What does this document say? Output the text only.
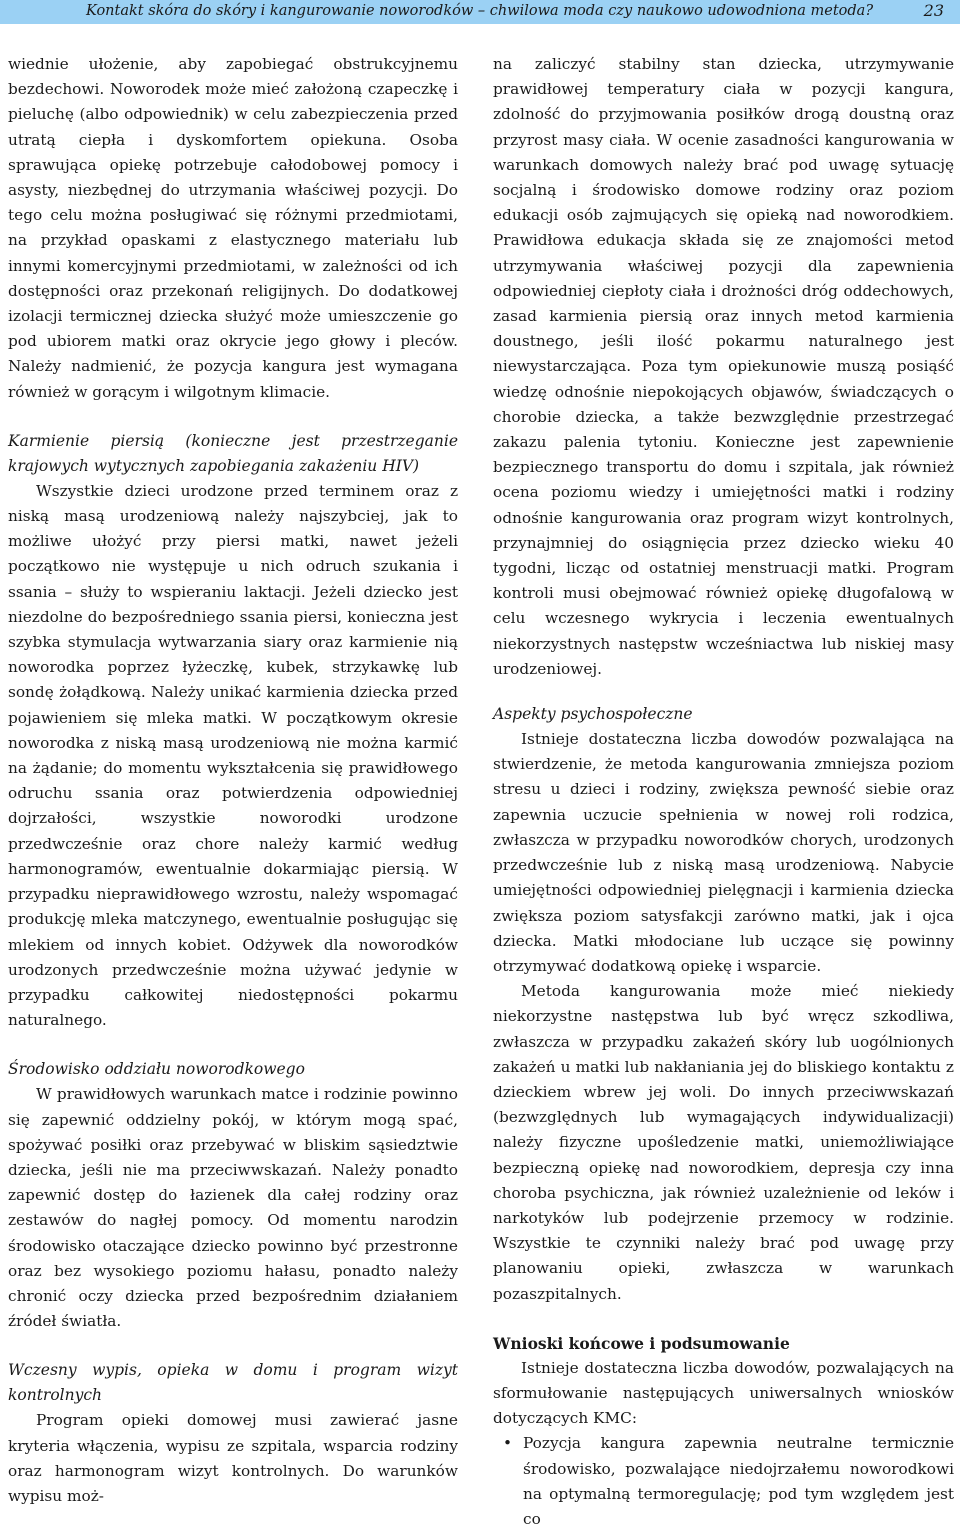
Kontakt skóra do skóry i kangurowanie noworodków – chwilowa moda czy naukowo udowodniona metoda?	23

wiednie ułożenie, aby zapobiegać obstrukcyjnemu bezdechowi. Noworodek może mieć założoną czapeczkę i pieluchę (albo odpowiednik) w celu zabezpieczenia przed utratą ciepła i dyskomfortem opiekuna. Osoba sprawująca opiekę potrzebuje całodobowej pomocy i asysty, niezbędnej do utrzymania właściwej pozycji. Do tego celu można posługiwać się różnymi przedmiotami, na przykład opaskami z elastycznego materiału lub innymi komercyjnymi przedmiotami, w zależności od ich dostępności oraz przekonań religijnych. Do dodatkowej izolacji termicznej dziecka służyć może umieszczenie go pod ubiorem matki oraz okrycie jego głowy i pleców. Należy nadmienić, że pozycja kangura jest wymagana również w gorącym i wilgotnym klimacie.

Karmienie piersią (konieczne jest przestrzeganie krajowych wytycznych zapobiegania zakażeniu HIV)

Wszystkie dzieci urodzone przed terminem oraz z niską masą urodzeniową należy najszybciej, jak to możliwe ułożyć przy piersi matki, nawet jeżeli początkowo nie występuje u nich odruch szukania i ssania – służy to wspieraniu laktacji. Jeżeli dziecko jest niezdolne do bezpośredniego ssania piersi, konieczna jest szybka stymulacja wytwarzania siary oraz karmienie nią noworodka poprzez łyżeczkę, kubek, strzykawkę lub sondę żołądkową. Należy unikać karmienia dziecka przed pojawieniem się mleka matki. W początkowym okresie noworodka z niską masą urodzeniową nie można karmić na żądanie; do momentu wykształcenia się prawidłowego odruchu ssania oraz potwierdzenia odpowiedniej dojrzałości, wszystkie noworodki urodzone przedwcześnie oraz chore należy karmić według harmonogramów, ewentualnie dokarmiając piersią. W przypadku nieprawidłowego wzrostu, należy wspomagać produkcję mleka matczynego, ewentualnie posługując się mlekiem od innych kobiet. Odżywek dla noworodków urodzonych przedwcześnie można używać jedynie w przypadku całkowitej niedostępności pokarmu naturalnego.

Środowisko oddziału noworodkowego

W prawidłowych warunkach matce i rodzinie powinno się zapewnić oddzielny pokój, w którym mogą spać, spożywać posiłki oraz przebywać w bliskim sąsiedztwie dziecka, jeśli nie ma przeciwwskazań. Należy ponadto zapewnić dostęp do łazienek dla całej rodziny oraz zestawów do nagłej pomocy. Od momentu narodzin środowisko otaczające dziecko powinno być przestronne oraz bez wysokiego poziomu hałasu, ponadto należy chronić oczy dziecka przed bezpośrednim działaniem źródeł światła.

Wczesny wypis, opieka w domu i program wizyt kontrolnych

Program opieki domowej musi zawierać jasne kryteria włączenia, wypisu ze szpitala, wsparcia rodziny oraz harmonogram wizyt kontrolnych. Do warunków wypisu moż-

na zaliczyć stabilny stan dziecka, utrzymywanie prawidłowej temperatury ciała w pozycji kangura, zdolność do przyjmowania posiłków drogą doustną oraz przyrost masy ciała. W ocenie zasadności kangurowania w warunkach domowych należy brać pod uwagę sytuację socjalną i środowisko domowe rodziny oraz poziom edukacji osób zajmujących się opieką nad noworodkiem. Prawidłowa edukacja składa się ze znajomości metod utrzymywania właściwej pozycji dla zapewnienia odpowiedniej ciepłoty ciała i drożności dróg oddechowych, zasad karmienia piersią oraz innych metod karmienia doustnego, jeśli ilość pokarmu naturalnego jest niewystarczająca. Poza tym opiekunowie muszą posiąść wiedzę odnośnie niepokojących objawów, świadczących o chorobie dziecka, a także bezwzględnie przestrzegać zakazu palenia tytoniu. Konieczne jest zapewnienie bezpiecznego transportu do domu i szpitala, jak również ocena poziomu wiedzy i umiejętności matki i rodziny odnośnie kangurowania oraz program wizyt kontrolnych, przynajmniej do osiągnięcia przez dziecko wieku 40 tygodni, licząc od ostatniej menstruacji matki. Program kontroli musi obejmować również opiekę długofalową w celu wczesnego wykrycia i leczenia ewentualnych niekorzystnych następstw wcześniactwa lub niskiej masy urodzeniowej.

Aspekty psychospołeczne

Istnieje dostateczna liczba dowodów pozwalająca na stwierdzenie, że metoda kangurowania zmniejsza poziom stresu u dzieci i rodziny, zwiększa pewność siebie oraz zapewnia uczucie spełnienia w nowej roli rodzica, zwłaszcza w przypadku noworodków chorych, urodzonych przedwcześnie lub z niską masą urodzeniową. Nabycie umiejętności odpowiedniej pielęgnacji i karmienia dziecka zwiększa poziom satysfakcji zarówno matki, jak i ojca dziecka. Matki młodociane lub uczące się powinny otrzymywać dodatkową opiekę i wsparcie.

Metoda kangurowania może mieć niekiedy niekorzystne następstwa lub być wręcz szkodliwa, zwłaszcza w przypadku zakażeń skóry lub uogólnionych zakażeń u matki lub nakłaniania jej do bliskiego kontaktu z dzieckiem wbrew jej woli. Do innych przeciwwskazań (bezwzględnych lub wymagających indywidualizacji) należy fizyczne upośledzenie matki, uniemożliwiające bezpieczną opiekę nad noworodkiem, depresja czy inna choroba psychiczna, jak również uzależnienie od leków i narkotyków lub podejrzenie przemocy w rodzinie. Wszystkie te czynniki należy brać pod uwagę przy planowaniu opieki, zwłaszcza w warunkach pozaszpitalnych.

Wnioski końcowe i podsumowanie

Istnieje dostateczna liczba dowodów, pozwalających na sformułowanie następujących uniwersalnych wniosków dotyczących KMC:

• Pozycja kangura zapewnia neutralne termicznie środowisko, pozwalające niedojrzałemu noworodkowi na optymalną termoregulację; pod tym względem jest co
